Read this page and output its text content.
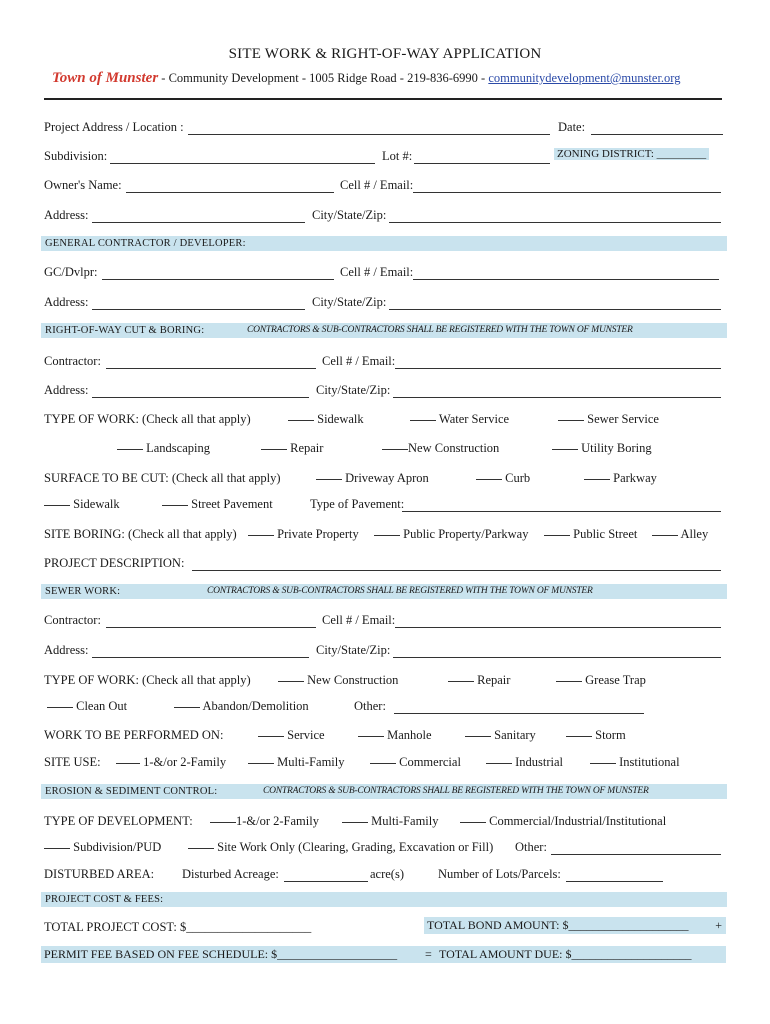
SITE WORK & RIGHT-OF-WAY APPLICATION
Town of Munster - Community Development - 1005 Ridge Road - 219-836-6990 - communitydevelopment@munster.org
Project Address / Location :	Date:
Subdivision:	Lot #:	ZONING DISTRICT: _________
Owner's Name:	Cell # / Email:
Address:	City/State/Zip:
GENERAL CONTRACTOR / DEVELOPER:
GC/Dvlpr:	Cell # / Email:
Address:	City/State/Zip:
RIGHT-OF-WAY CUT & BORING:	CONTRACTORS & SUB-CONTRACTORS SHALL BE REGISTERED WITH THE TOWN OF MUNSTER
Contractor:	Cell # / Email:
Address:	City/State/Zip:
TYPE OF WORK: (Check all that apply)	Sidewalk	Water Service	Sewer Service
Landscaping	Repair	New Construction	Utility Boring
SURFACE TO BE CUT: (Check all that apply)	Driveway Apron	Curb	Parkway
Sidewalk	Street Pavement	Type of Pavement:
SITE BORING: (Check all that apply)	Private Property	Public Property/Parkway	Public Street	Alley
PROJECT DESCRIPTION:
SEWER WORK:	CONTRACTORS & SUB-CONTRACTORS SHALL BE REGISTERED WITH THE TOWN OF MUNSTER
Contractor:	Cell # / Email:
Address:	City/State/Zip:
TYPE OF WORK: (Check all that apply)	New Construction	Repair	Grease Trap
Clean Out	Abandon/Demolition	Other:
WORK TO BE PERFORMED ON:	Service	Manhole	Sanitary	Storm
SITE USE:	1-&/or 2-Family	Multi-Family	Commercial	Industrial	Institutional
EROSION & SEDIMENT CONTROL:	CONTRACTORS & SUB-CONTRACTORS SHALL BE REGISTERED WITH THE TOWN OF MUNSTER
TYPE OF DEVELOPMENT:	1-&/or 2-Family	Multi-Family	Commercial/Industrial/Institutional
Subdivision/PUD	Site Work Only (Clearing, Grading, Excavation or Fill) Other:
DISTURBED AREA: Disturbed Acreage:	acre(s)	Number of Lots/Parcels:
PROJECT COST & FEES:
TOTAL PROJECT COST: $____________________	TOTAL BOND AMOUNT: $____________________ +
PERMIT FEE BASED ON FEE SCHEDULE: $____________________ = TOTAL AMOUNT DUE: $____________________
